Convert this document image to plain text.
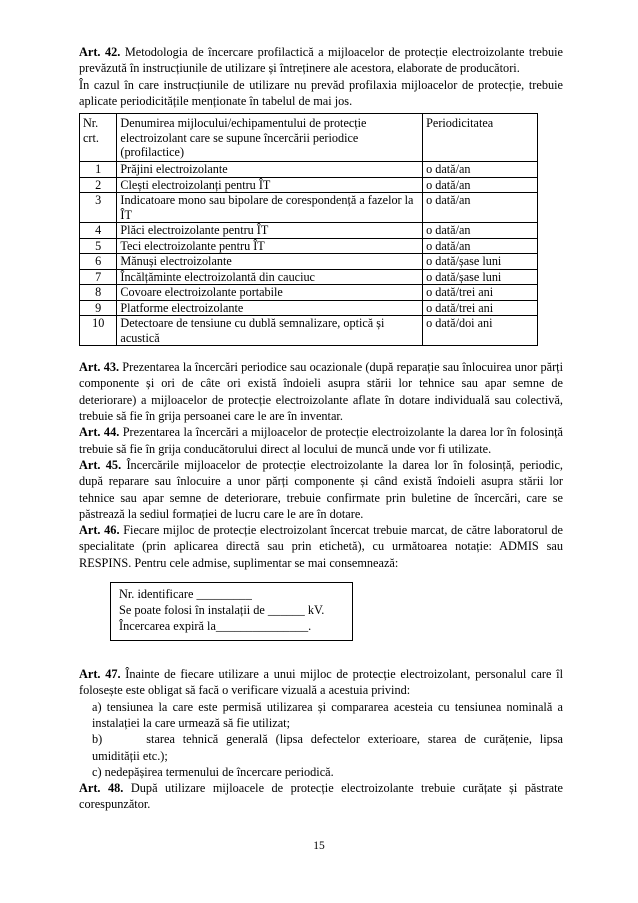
Art. 42. Metodologia de încercare profilactică a mijloacelor de protecție electroizolante trebuie prevăzută în instrucțiunile de utilizare și întreținere ale acestora, elaborate de producători.

În cazul în care instrucțiunile de utilizare nu prevăd profilaxia mijloacelor de protecție, trebuie aplicate periodicitățile menționate în tabelul de mai jos.

Nr. crt.	Denumirea mijlocului/echipamentului de protecție electroizolant care se supune încercării periodice (profilactice)	Periodicitatea
1	Prăjini electroizolante	o dată/an
2	Clești electroizolanți pentru ÎT	o dată/an
3	Indicatoare mono sau bipolare de corespondență a fazelor la ÎT	o dată/an
4	Plăci electroizolante pentru ÎT	o dată/an
5	Teci electroizolante pentru ÎT	o dată/an
6	Mănuși electroizolante	o dată/șase luni
7	Încălțăminte electroizolantă din cauciuc	o dată/șase luni
8	Covoare electroizolante portabile	o dată/trei ani
9	Platforme electroizolante	o dată/trei ani
10	Detectoare de tensiune cu dublă semnalizare, optică și acustică	o dată/doi ani

Art. 43. Prezentarea la încercări periodice sau ocazionale (după reparație sau înlocuirea unor părți componente și ori de câte ori există îndoieli asupra stării lor tehnice sau apar semne de deteriorare) a mijloacelor de protecție electroizolante aflate în dotare individuală sau colectivă, trebuie să fie în grija persoanei care le are în inventar.

Art. 44. Prezentarea la încercări a mijloacelor de protecție electroizolante la darea lor în folosință trebuie să fie în grija conducătorului direct al locului de muncă unde vor fi utilizate.

Art. 45. Încercările mijloacelor de protecție electroizolante la darea lor în folosință, periodic, după reparare sau înlocuire a unor părți componente și când există îndoieli asupra stării lor tehnice sau apar semne de deteriorare, trebuie confirmate prin buletine de încercări, care se păstrează la sediul formației de lucru care le are în dotare.

Art. 46. Fiecare mijloc de protecție electroizolant încercat trebuie marcat, de către laboratorul de specialitate (prin aplicarea directă sau prin etichetă), cu următoarea notație: ADMIS sau RESPINS. Pentru cele admise, suplimentar se mai consemnează:

Nr. identificare _________
Se poate folosi în instalații de ______ kV.
Încercarea expiră la_______________.

Art. 47. Înainte de fiecare utilizare a unui mijloc de protecție electroizolant, personalul care îl folosește este obligat să facă o verificare vizuală a acestuia privind:

a) tensiunea la care este permisă utilizarea și compararea acesteia cu tensiunea nominală a instalației la care urmează să fie utilizat;

b)	starea tehnică generală (lipsa defectelor exterioare, starea de curățenie, lipsa umidității etc.);

c) nedepășirea termenului de încercare periodică.

Art. 48. După utilizare mijloacele de protecție electroizolante trebuie curățate și păstrate corespunzător.

15
